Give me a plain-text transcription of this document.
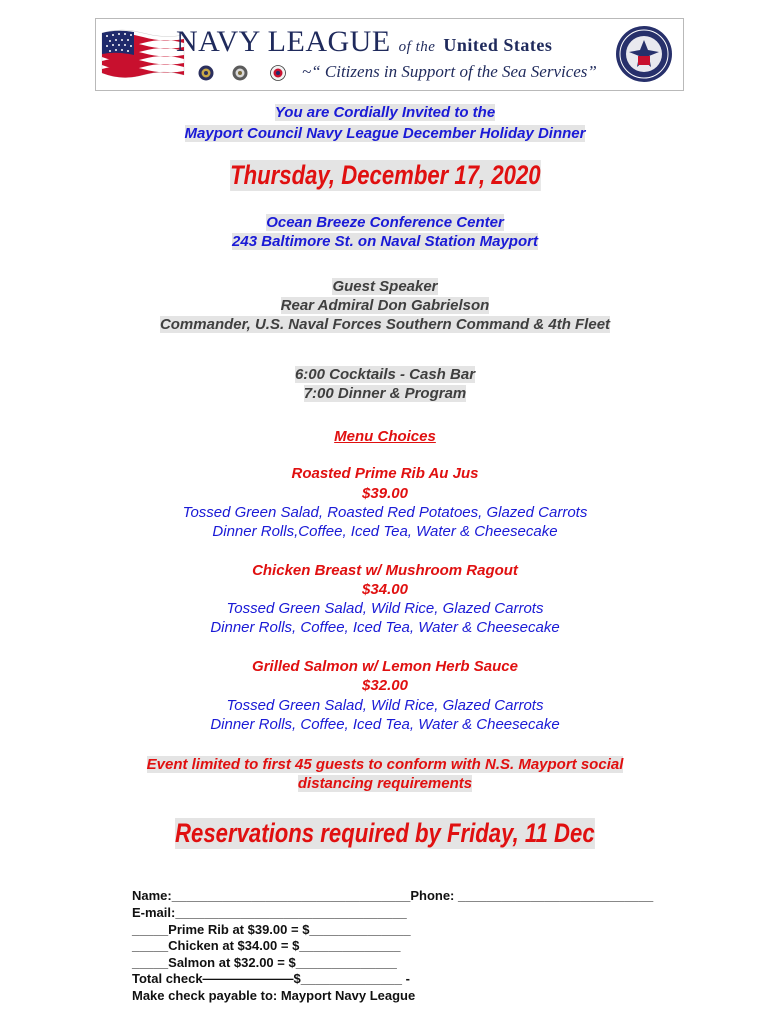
NAVY LEAGUE of the United States
~“ Citizens in Support of the Sea Services”
You are Cordially Invited to the
Mayport Council Navy League December Holiday Dinner
Thursday, December 17, 2020
Ocean Breeze Conference Center
243 Baltimore St. on Naval Station Mayport
Guest Speaker
Rear Admiral Don Gabrielson
Commander, U.S. Naval Forces Southern Command & 4th Fleet
6:00 Cocktails - Cash Bar
7:00 Dinner & Program
Menu Choices
Roasted Prime Rib Au Jus
$39.00
Tossed Green Salad, Roasted Red Potatoes, Glazed Carrots
Dinner Rolls,Coffee, Iced Tea, Water & Cheesecake
Chicken Breast w/ Mushroom Ragout
$34.00
Tossed Green Salad, Wild Rice, Glazed Carrots
Dinner Rolls, Coffee, Iced Tea, Water & Cheesecake
Grilled Salmon w/ Lemon Herb Sauce
$32.00
Tossed Green Salad, Wild Rice, Glazed Carrots
Dinner Rolls, Coffee, Iced Tea, Water & Cheesecake
Event limited to first 45 guests to conform with N.S. Mayport social
distancing requirements
Reservations required by Friday, 11 Dec
Name:_________________________________Phone: ___________________________
E-mail:________________________________
_____Prime Rib at $39.00 = $______________
_____Chicken at $34.00 = $______________
_____Salmon at $32.00 = $______________
Total check———————$______________ -
Make check payable to: Mayport Navy League
